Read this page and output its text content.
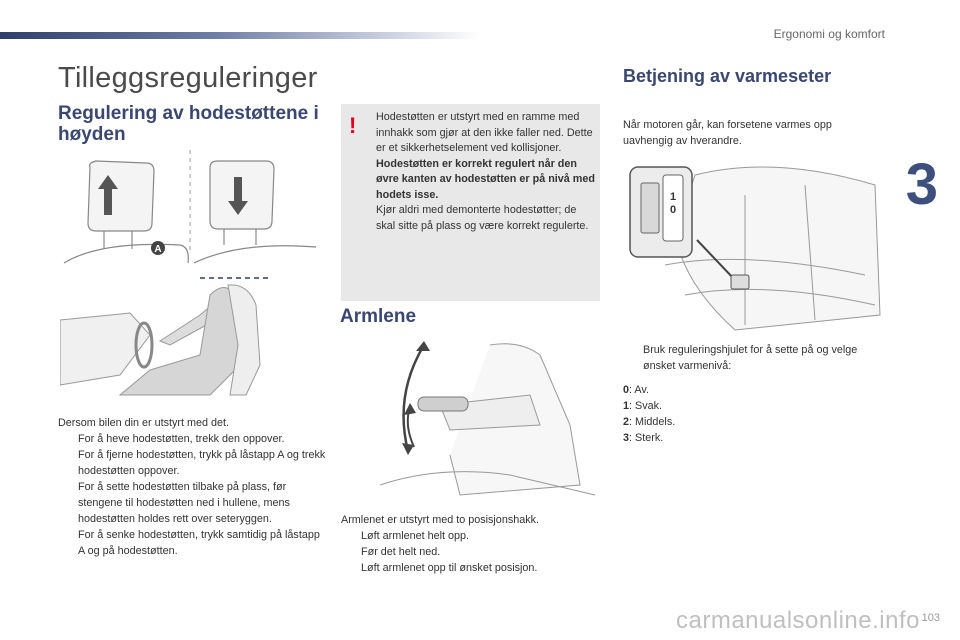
Ergonomi og komfort
3
Tilleggsreguleringer
Regulering av hodestøttene i høyden
A

Dersom bilen din er utstyrt med det.

For å heve hodestøtten, trekk den oppover.
For å fjerne hodestøtten, trykk på låstapp A og trekk hodestøtten oppover.
For å sette hodestøtten tilbake på plass, før stengene til hodestøtten ned i hullene, mens hodestøtten holdes rett over seteryggen.
For å senke hodestøtten, trykk samtidig på låstapp A og på hodestøtten.
! Hodestøtten er utstyrt med en ramme med innhakk som gjør at den ikke faller ned. Dette er et sikkerhetselement ved kollisjoner.

Hodestøtten er korrekt regulert når den øvre kanten av hodestøtten er på nivå med hodets isse.

Kjør aldri med demonterte hodestøtter; de skal sitte på plass og være korrekt regulerte.

Armlene

Armlenet er utstyrt med to posisjonshakk.

Løft armlenet helt opp.
Før det helt ned.
Løft armlenet opp til ønsket posisjon.
Betjening av varmeseter
Når motoren går, kan forsetene varmes opp uavhengig av hverandre.
1
0
Bruk reguleringshjulet for å sette på og velge ønsket varmenivå:

0: Av.

1: Svak.

2: Middels.

3: Sterk.

carmanualsonline.info 103
